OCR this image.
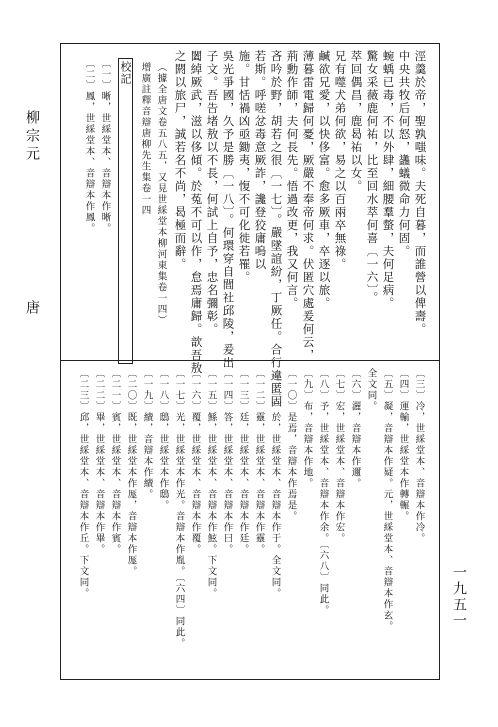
柳宗元
唐
一九五一
涇羹於帝，聖孰嗤味。夫死自暮，而誰營以俾壽。
中央共牧后何怒，蠭蟻微命力何固。
蜿蝺已毒，不以外肆，細腰羣螫，夫何足病。
驚女采薇鹿何祐，比至回水萃何喜〔一六〕。
萃回偶昌，鹿曷祐以女。
兄有噬犬弟何欲，易之以百兩卒無祿。
鹹欲兄愛，以快侈富。愈多厥車，卒逐以旅。
薄暮雷電歸何憂，厥嚴不奉帝何求。伏匿穴處爰何云，
荊勳作師，夫何長先。悟過改更，我又何言。
吝吟於野，胡若之很〔一七〕。嚴墜誼紛，丁厥任。合行違匿固
若斯。呼嗟忿毒意厥詐，讒登狡庸嗚以
施。甘恬禍凶亟鋤夷，愎不可化徙若罹。
吳光爭國，久予是勝〔一八〕。何環穿自閭社邱陵，爰出
子文。吾告堵敖以不長，何試上自予，忠名彌彰。
闔綽厥武，滋以侈傾。於菟不可以作，怠焉庸歸。歆吾敖
之閼以旅尸，誠若名不尚，曷極而辭。
（據全唐文卷五八五，又見世綵堂本柳河東集卷一四）
增廣註釋音辯唐柳先生集卷一四
校記
〔一〕晰，世綵堂本、音辯本作晰。
〔二〕鳳，世綵堂本、音辯本作鳳。
〔三〕冷，世綵堂本、音辯本作冷。
〔四〕運輸，世綵堂本作轉輾。
〔五〕凝，音辯本作疑。元，世綵堂本、音辯本作玄。
全文同。
〔六〕灑，音辯本作邇。
〔七〕宏，世綵堂本、音辯本作宏。
〔八〕予，世綵堂本、音辯本作余。〔六八〕同此。
〔九〕布，音辯本作地。
〔一〇〕是焉，音辯本作焉是。
〔一一〕於，世綵堂本、音辯本作于。全文同。
〔一二〕靈，世綵堂本、音辯本作靈。
〔一三〕廷，世綵堂本、音辯本作廷。
〔一四〕答，世綵堂本、音辯本作曰。
〔一五〕鯀，世綵堂本、音辯本作鮌。下文同。
〔一六〕覆，世綵堂本、音辯本作覆。
〔一七〕光，世綵堂本作光。音辯本作胤。〔六四〕同此。
〔一八〕鴟，世綵堂本作鴟。
〔一九〕續，音辯本作續。
〔二〇〕既，世綵堂本作厖，音辯本作厖。
〔二一〕賓，世綵堂本、音辯本作賓。
〔二二〕畢，世綵堂本、音辯本作畢。
〔二三〕邱，世綵堂本、音辯本作丘。下文同。
